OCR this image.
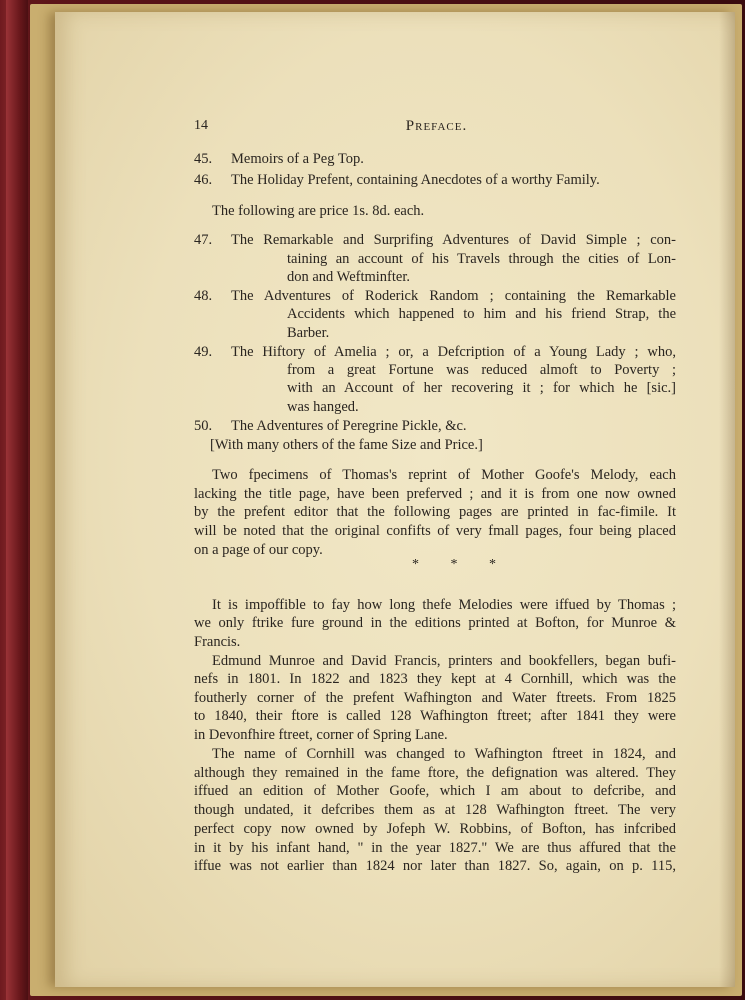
14	Preface.
45. Memoirs of a Peg Top.
46. The Holiday Prefent, containing Anecdotes of a worthy Family.
The following are price 1s. 8d. each.
47. The Remarkable and Surprifing Adventures of David Simple ; con-
taining an account of his Travels through the cities of Lon-
don and Weftminfter.
48. The Adventures of Roderick Random ; containing the Remarkable
Accidents which happened to him and his friend Strap, the
Barber.
49. The Hiftory of Amelia ; or, a Defcription of a Young Lady ; who,
from a great Fortune was reduced almoft to Poverty ;
with an Account of her recovering it ; for which he [sic.]
was hanged.
50. The Adventures of Peregrine Pickle, &c.
[With many others of the fame Size and Price.]
Two fpecimens of Thomas's reprint of Mother Goofe's Melody, each
lacking the title page, have been preferved ; and it is from one now owned
by the prefent editor that the following pages are printed in fac-fimile. It
will be noted that the original confifts of very fmall pages, four being placed
on a page of our copy.
* * *
It is impoffible to fay how long thefe Melodies were iffued by Thomas ;
we only ftrike fure ground in the editions printed at Bofton, for Munroe &
Francis.
Edmund Munroe and David Francis, printers and bookfellers, began bufi-
nefs in 1801. In 1822 and 1823 they kept at 4 Cornhill, which was the
foutherly corner of the prefent Wafhington and Water ftreets. From 1825
to 1840, their ftore is called 128 Wafhington ftreet; after 1841 they were
in Devonfhire ftreet, corner of Spring Lane.
The name of Cornhill was changed to Wafhington ftreet in 1824, and
although they remained in the fame ftore, the defignation was altered. They
iffued an edition of Mother Goofe, which I am about to defcribe, and
though undated, it defcribes them as at 128 Wafhington ftreet. The very
perfect copy now owned by Jofeph W. Robbins, of Bofton, has infcribed
in it by his infant hand, " in the year 1827." We are thus affured that the
iffue was not earlier than 1824 nor later than 1827. So, again, on p. 115,
